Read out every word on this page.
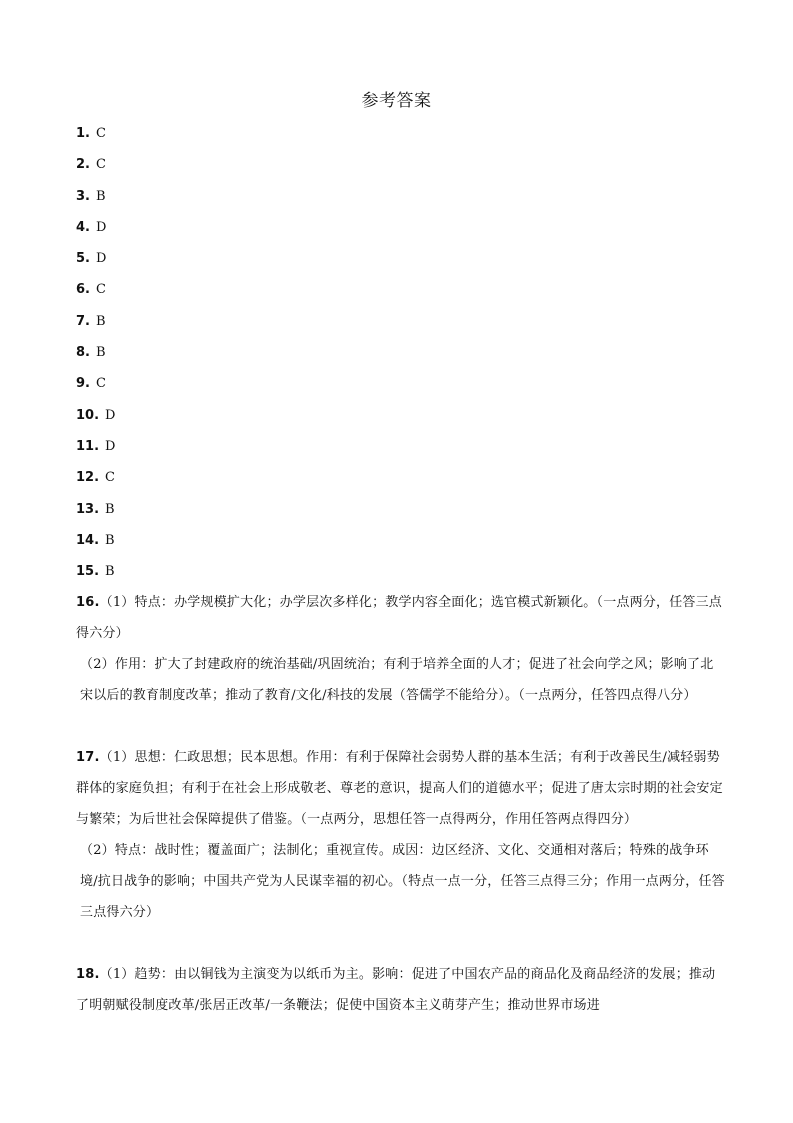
参考答案
1. C
2. C
3. B
4. D
5. D
6. C
7. B
8. B
9. C
10. D
11. D
12. C
13. B
14. B
15. B

16.（1）特点：办学规模扩大化；办学层次多样化；教学内容全面化；选官模式新颖化。（一点两分，任答三点得六分）

（2）作用：扩大了封建政府的统治基础/巩固统治；有利于培养全面的人才；促进了社会向学之风；影响了北宋以后的教育制度改革；推动了教育/文化/科技的发展（答儒学不能给分）。（一点两分，任答四点得八分）

17.（1）思想：仁政思想；民本思想。作用：有利于保障社会弱势人群的基本生活；有利于改善民生/减轻弱势群体的家庭负担；有利于在社会上形成敬老、尊老的意识，提高人们的道德水平；促进了唐太宗时期的社会安定与繁荣；为后世社会保障提供了借鉴。（一点两分，思想任答一点得两分，作用任答两点得四分）

（2）特点：战时性；覆盖面广；法制化；重视宣传。成因：边区经济、文化、交通相对落后；特殊的战争环境/抗日战争的影响；中国共产党为人民谋幸福的初心。（特点一点一分，任答三点得三分；作用一点两分，任答三点得六分）

18.（1）趋势：由以铜钱为主演变为以纸币为主。影响：促进了中国农产品的商品化及商品经济的发展；推动了明朝赋役制度改革/张居正改革/一条鞭法；促使中国资本主义萌芽产生；推动世界市场进
